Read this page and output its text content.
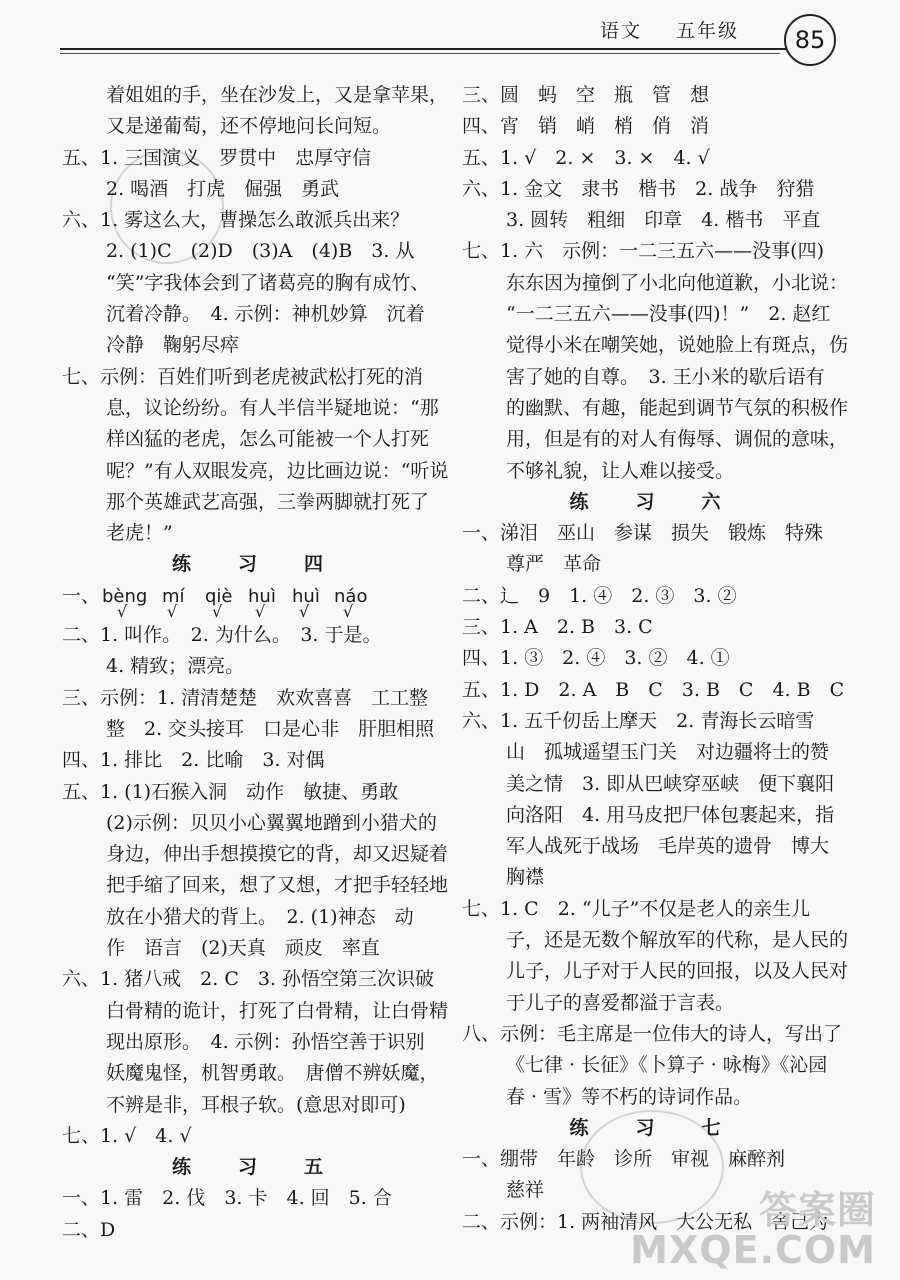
语文 五年级	85
着姐姐的手，坐在沙发上，又是拿苹果，
又是递葡萄，还不停地问长问短。
五、1. 三国演义　罗贯中　忠厚守信
2. 喝酒　打虎　倔强　勇武
六、1. 雾这么大，曹操怎么敢派兵出来？
2. (1)C　(2)D　(3)A　(4)B　3. 从
“笑”字我体会到了诸葛亮的胸有成竹、
沉着冷静。　4. 示例：神机妙算　沉着
冷静　鞠躬尽瘁
七、示例：百姓们听到老虎被武松打死的消
息，议论纷纷。有人半信半疑地说：“那
样凶猛的老虎，怎么可能被一个人打死
呢？”有人双眼发亮，边比画边说：“听说
那个英雄武艺高强，三拳两脚就打死了
老虎！”
练　习　四
一、 bèng mí qiè huì huì náo
√ √ √ √ √ √
二、1. 叫作。　2. 为什么。　3. 于是。
4. 精致；漂亮。
三、示例：1. 清清楚楚　欢欢喜喜　工工整
整　2. 交头接耳　口是心非　肝胆相照
四、1. 排比　2. 比喻　3. 对偶
五、1. (1)石猴入洞　动作　敏捷、勇敢
(2)示例：贝贝小心翼翼地蹭到小猎犬的
身边，伸出手想摸摸它的背，却又迟疑着
把手缩了回来，想了又想，才把手轻轻地
放在小猎犬的背上。　2. (1)神态　动
作　语言　(2)天真　顽皮　率直
六、1. 猪八戒　2. C　3. 孙悟空第三次识破
白骨精的诡计，打死了白骨精，让白骨精
现出原形。　4. 示例：孙悟空善于识别
妖魔鬼怪，机智勇敢。　唐僧不辨妖魔，
不辨是非，耳根子软。(意思对即可)
七、1. √　4. √
练　习　五
一、1. 雷　2. 伐　3. 卡　4. 回　5. 合
二、D
三、圆　蚂　空　瓶　管　想
四、宵　销　峭　梢　俏　消
五、1. √　2. ×　3. ×　4. √
六、1. 金文　隶书　楷书　2. 战争　狩猎
3. 圆转　粗细　印章　4. 楷书　平直
七、1. 六　示例：一二三五六——没事(四)
东东因为撞倒了小北向他道歉，小北说：
“一二三五六——没事(四)！”　2. 赵红
觉得小米在嘲笑她，说她脸上有斑点，伤
害了她的自尊。　3. 王小米的歇后语有
的幽默、有趣，能起到调节气氛的积极作
用，但是有的对人有侮辱、调侃的意味，
不够礼貌，让人难以接受。
练　习　六
一、涕泪　巫山　参谋　损失　锻炼　特殊
尊严　革命
二、辶　9　1. ④　2. ③　3. ②
三、1. A　2. B　3. C
四、1. ③　2. ④　3. ②　4. ①
五、1. D　2. A　B　C　3. B　C　4. B　C
六、1. 五千仞岳上摩天　2. 青海长云暗雪
山　孤城遥望玉门关　对边疆将士的赞
美之情　3. 即从巴峡穿巫峡　便下襄阳
向洛阳　4. 用马皮把尸体包裹起来，指
军人战死于战场　毛岸英的遗骨　博大
胸襟
七、1. C　2. “儿子”不仅是老人的亲生儿
子，还是无数个解放军的代称，是人民的
儿子，儿子对于人民的回报，以及人民对
于儿子的喜爱都溢于言表。
八、示例：毛主席是一位伟大的诗人，写出了
《七律 · 长征》《卜算子 · 咏梅》《沁园
春 · 雪》等不朽的诗词作品。
练　习　七
一、绷带　年龄　诊所　审视　麻醉剂
慈祥
二、示例：1. 两袖清风　大公无私　舍己为
答案圈
MXQE.COM
